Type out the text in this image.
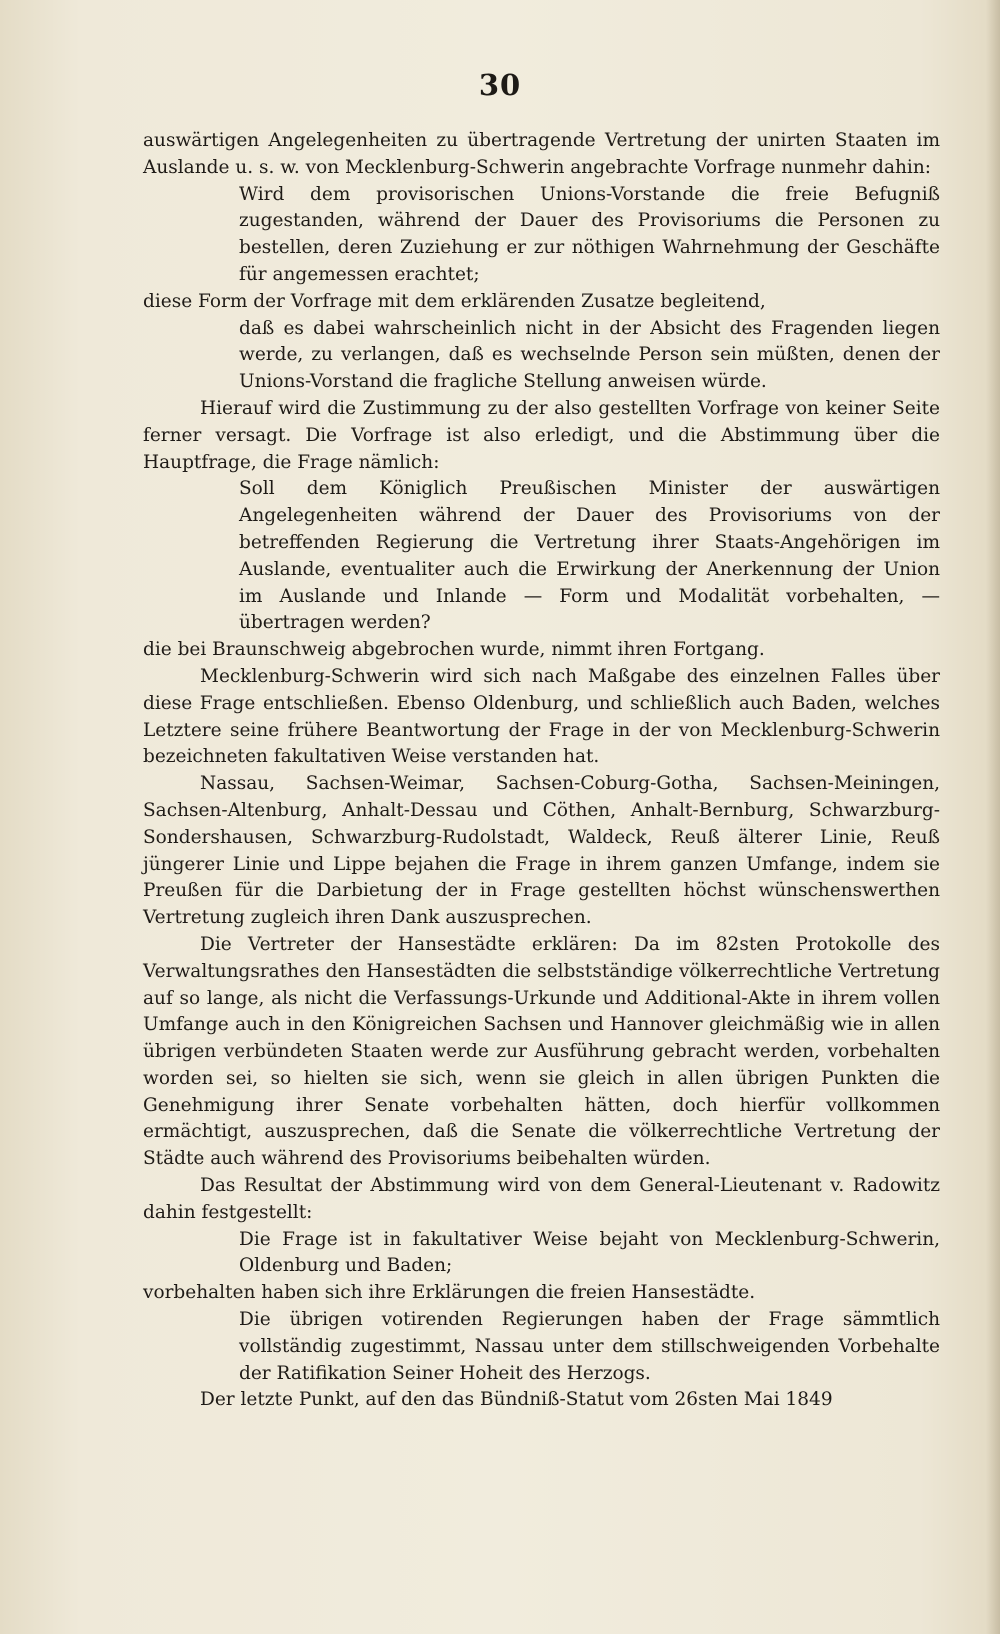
30

auswärtigen Angelegenheiten zu übertragende Vertretung der unirten Staaten im Auslande u. s. w. von Mecklenburg-Schwerin angebrachte Vorfrage nunmehr dahin:

Wird dem provisorischen Unions-Vorstande die freie Befugniß zugestanden, während der Dauer des Provisoriums die Personen zu bestellen, deren Zuziehung er zur nöthigen Wahrnehmung der Geschäfte für angemessen erachtet;

diese Form der Vorfrage mit dem erklärenden Zusatze begleitend,

daß es dabei wahrscheinlich nicht in der Absicht des Fragenden liegen werde, zu verlangen, daß es wechselnde Person sein müßten, denen der Unions-Vorstand die fragliche Stellung anweisen würde.

Hierauf wird die Zustimmung zu der also gestellten Vorfrage von keiner Seite ferner versagt. Die Vorfrage ist also erledigt, und die Abstimmung über die Hauptfrage, die Frage nämlich:

Soll dem Königlich Preußischen Minister der auswärtigen Angelegenheiten während der Dauer des Provisoriums von der betreffenden Regierung die Vertretung ihrer Staats-Angehörigen im Auslande, eventualiter auch die Erwirkung der Anerkennung der Union im Auslande und Inlande — Form und Modalität vorbehalten, — übertragen werden?

die bei Braunschweig abgebrochen wurde, nimmt ihren Fortgang.

Mecklenburg-Schwerin wird sich nach Maßgabe des einzelnen Falles über diese Frage entschließen. Ebenso Oldenburg, und schließlich auch Baden, welches Letztere seine frühere Beantwortung der Frage in der von Mecklenburg-Schwerin bezeichneten fakultativen Weise verstanden hat.

Nassau, Sachsen-Weimar, Sachsen-Coburg-Gotha, Sachsen-Meiningen, Sachsen-Altenburg, Anhalt-Dessau und Cöthen, Anhalt-Bernburg, Schwarzburg-Sondershausen, Schwarzburg-Rudolstadt, Waldeck, Reuß älterer Linie, Reuß jüngerer Linie und Lippe bejahen die Frage in ihrem ganzen Umfange, indem sie Preußen für die Darbietung der in Frage gestellten höchst wünschenswerthen Vertretung zugleich ihren Dank auszusprechen.

Die Vertreter der Hansestädte erklären: Da im 82sten Protokolle des Verwaltungsrathes den Hansestädten die selbstständige völkerrechtliche Vertretung auf so lange, als nicht die Verfassungs-Urkunde und Additional-Akte in ihrem vollen Umfange auch in den Königreichen Sachsen und Hannover gleichmäßig wie in allen übrigen verbündeten Staaten werde zur Ausführung gebracht werden, vorbehalten worden sei, so hielten sie sich, wenn sie gleich in allen übrigen Punkten die Genehmigung ihrer Senate vorbehalten hätten, doch hierfür vollkommen ermächtigt, auszusprechen, daß die Senate die völkerrechtliche Vertretung der Städte auch während des Provisoriums beibehalten würden.

Das Resultat der Abstimmung wird von dem General-Lieutenant v. Radowitz dahin festgestellt:

Die Frage ist in fakultativer Weise bejaht von Mecklenburg-Schwerin, Oldenburg und Baden;

vorbehalten haben sich ihre Erklärungen die freien Hansestädte.

Die übrigen votirenden Regierungen haben der Frage sämmtlich vollständig zugestimmt, Nassau unter dem stillschweigenden Vorbehalte der Ratifikation Seiner Hoheit des Herzogs.

Der letzte Punkt, auf den das Bündniß-Statut vom 26sten Mai 1849
